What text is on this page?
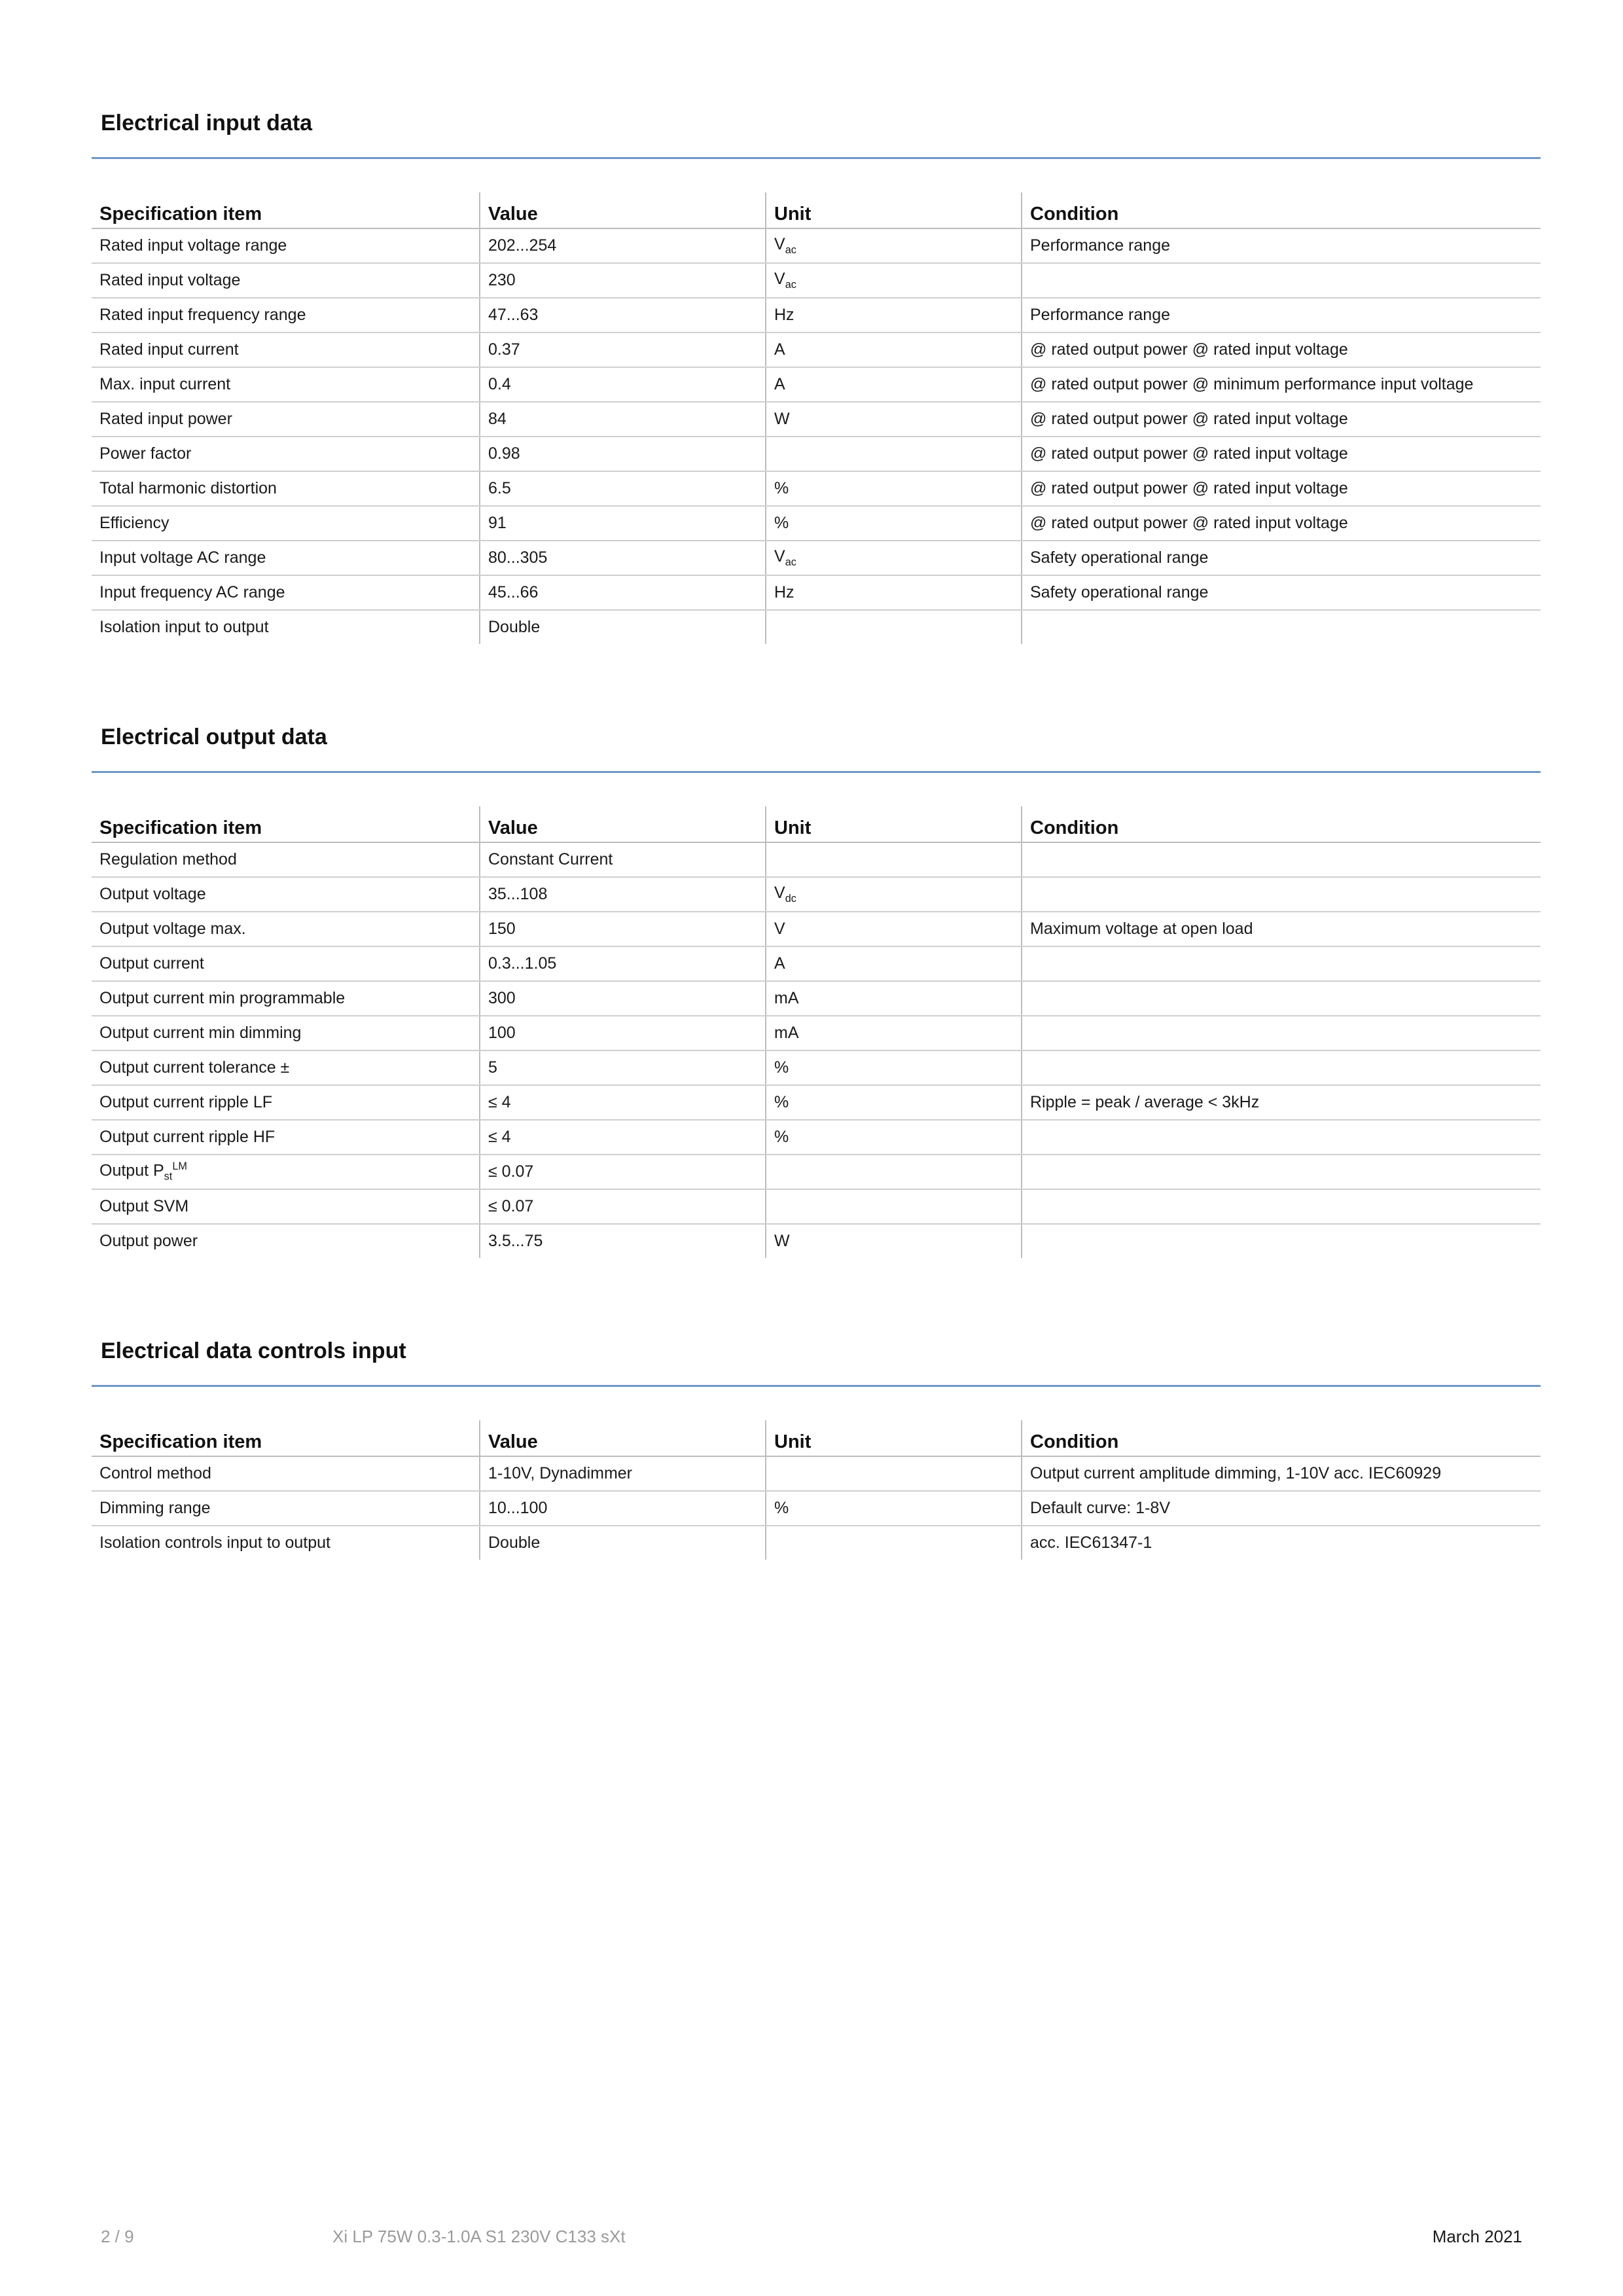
Electrical input data
Specification item	Value	Unit	Condition
Rated input voltage range	202...254	$V_{ac}$	Performance range
Rated input voltage	230	$V_{ac}$	
Rated input frequency range	47...63	Hz	Performance range
Rated input current	0.37	A	@ rated output power @ rated input voltage
Max. input current	0.4	A	@ rated output power @ minimum performance input voltage
Rated input power	84	W	@ rated output power @ rated input voltage
Power factor	0.98		@ rated output power @ rated input voltage
Total harmonic distortion	6.5	%	@ rated output power @ rated input voltage
Efficiency	91	%	@ rated output power @ rated input voltage
Input voltage AC range	80...305	$V_{ac}$	Safety operational range
Input frequency AC range	45...66	Hz	Safety operational range
Isolation input to output	Double		
Electrical output data
Specification item	Value	Unit	Condition
Regulation method	Constant Current		
Output voltage	35...108	$V_{dc}$	
Output voltage max.	150	V	Maximum voltage at open load
Output current	0.3...1.05	A	
Output current min programmable	300	mA	
Output current min dimming	100	mA	
Output current tolerance ±	5	%	
Output current ripple LF	≤ 4	%	Ripple = peak / average < 3kHz
Output current ripple HF	≤ 4	%	
Output $P_{st}^{LM}$	≤ 0.07		
Output SVM	≤ 0.07		
Output power	3.5...75	W	
Electrical data controls input
Specification item	Value	Unit	Condition
Control method	1-10V, Dynadimmer		Output current amplitude dimming, 1-10V acc. IEC60929
Dimming range	10...100	%	Default curve: 1-8V
Isolation controls input to output	Double		acc. IEC61347-1
2 / 9	Xi LP 75W 0.3-1.0A S1 230V C133 sXt	March 2021
